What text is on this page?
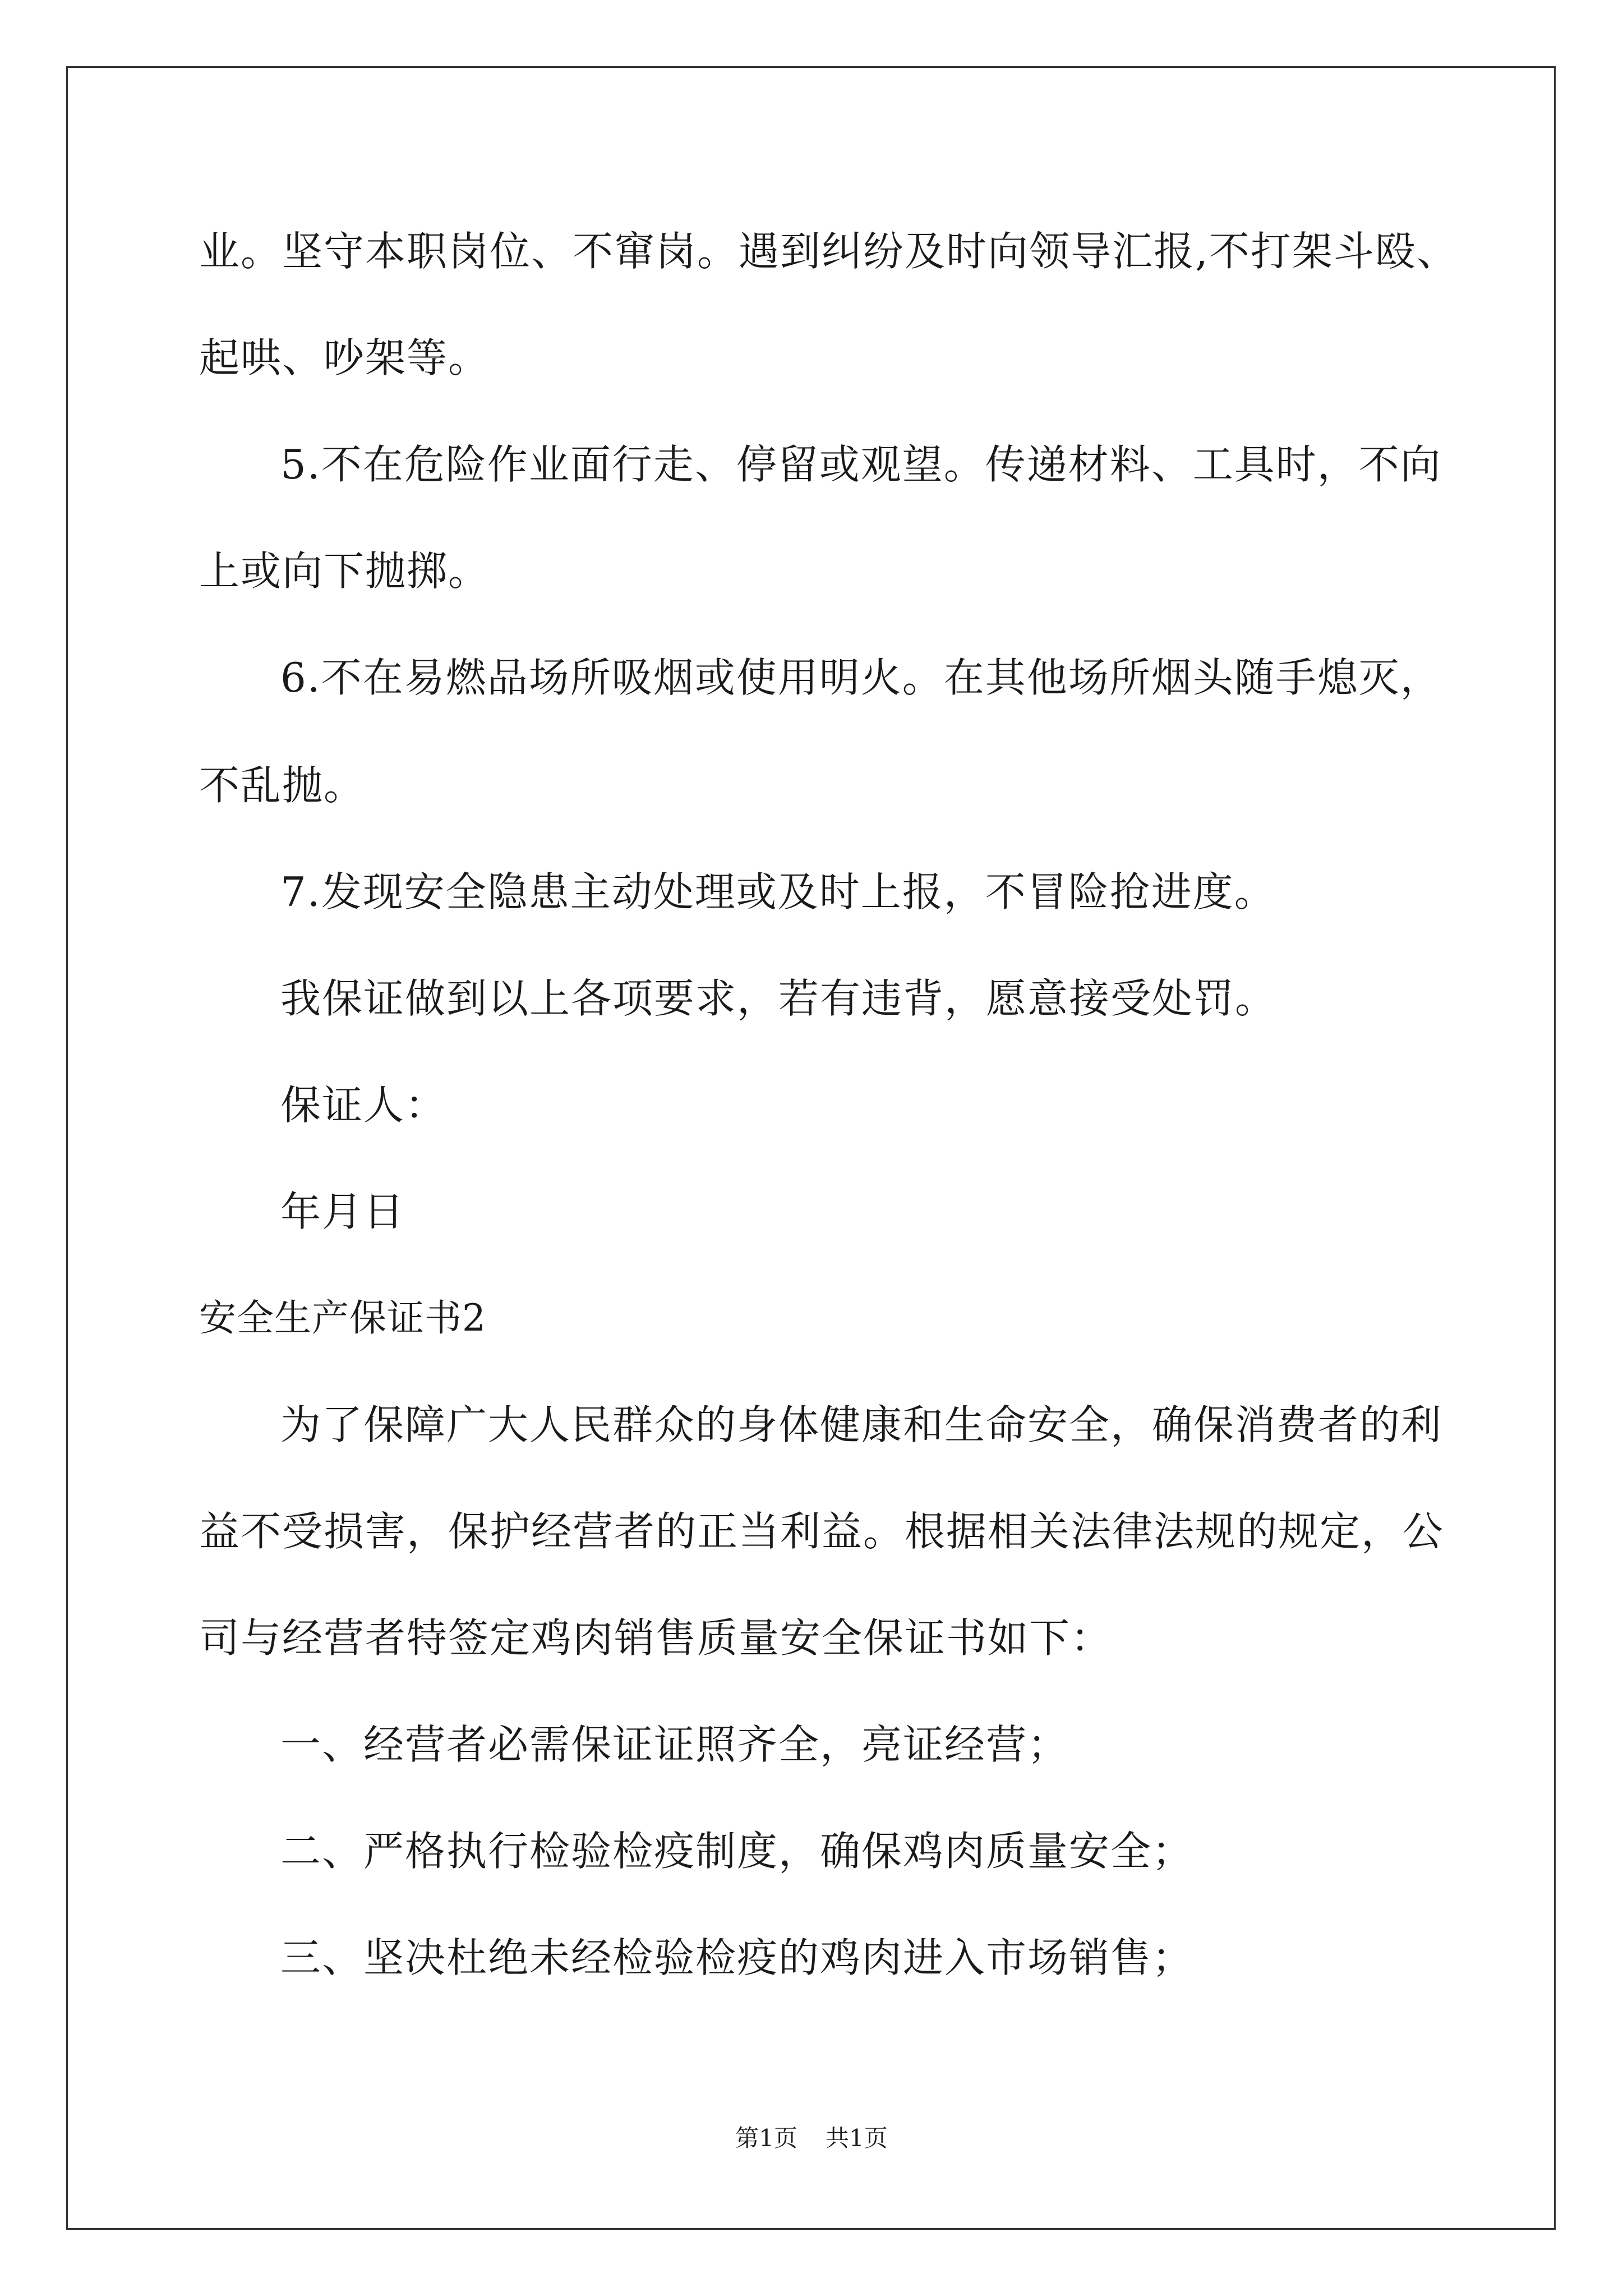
业。坚守本职岗位、不窜岗。遇到纠纷及时向领导汇报,不打架斗殴、
起哄、吵架等。
5.不在危险作业面行走、停留或观望。传递材料、工具时，不向
上或向下抛掷。
6.不在易燃品场所吸烟或使用明火。在其他场所烟头随手熄灭，
不乱抛。
7.发现安全隐患主动处理或及时上报，不冒险抢进度。
我保证做到以上各项要求，若有违背，愿意接受处罚。
保证人：
年月日
安全生产保证书2
为了保障广大人民群众的身体健康和生命安全，确保消费者的利
益不受损害，保护经营者的正当利益。根据相关法律法规的规定，公
司与经营者特签定鸡肉销售质量安全保证书如下：
一、经营者必需保证证照齐全，亮证经营；
二、严格执行检验检疫制度，确保鸡肉质量安全；
三、坚决杜绝未经检验检疫的鸡肉进入市场销售；
第1页 共1页
